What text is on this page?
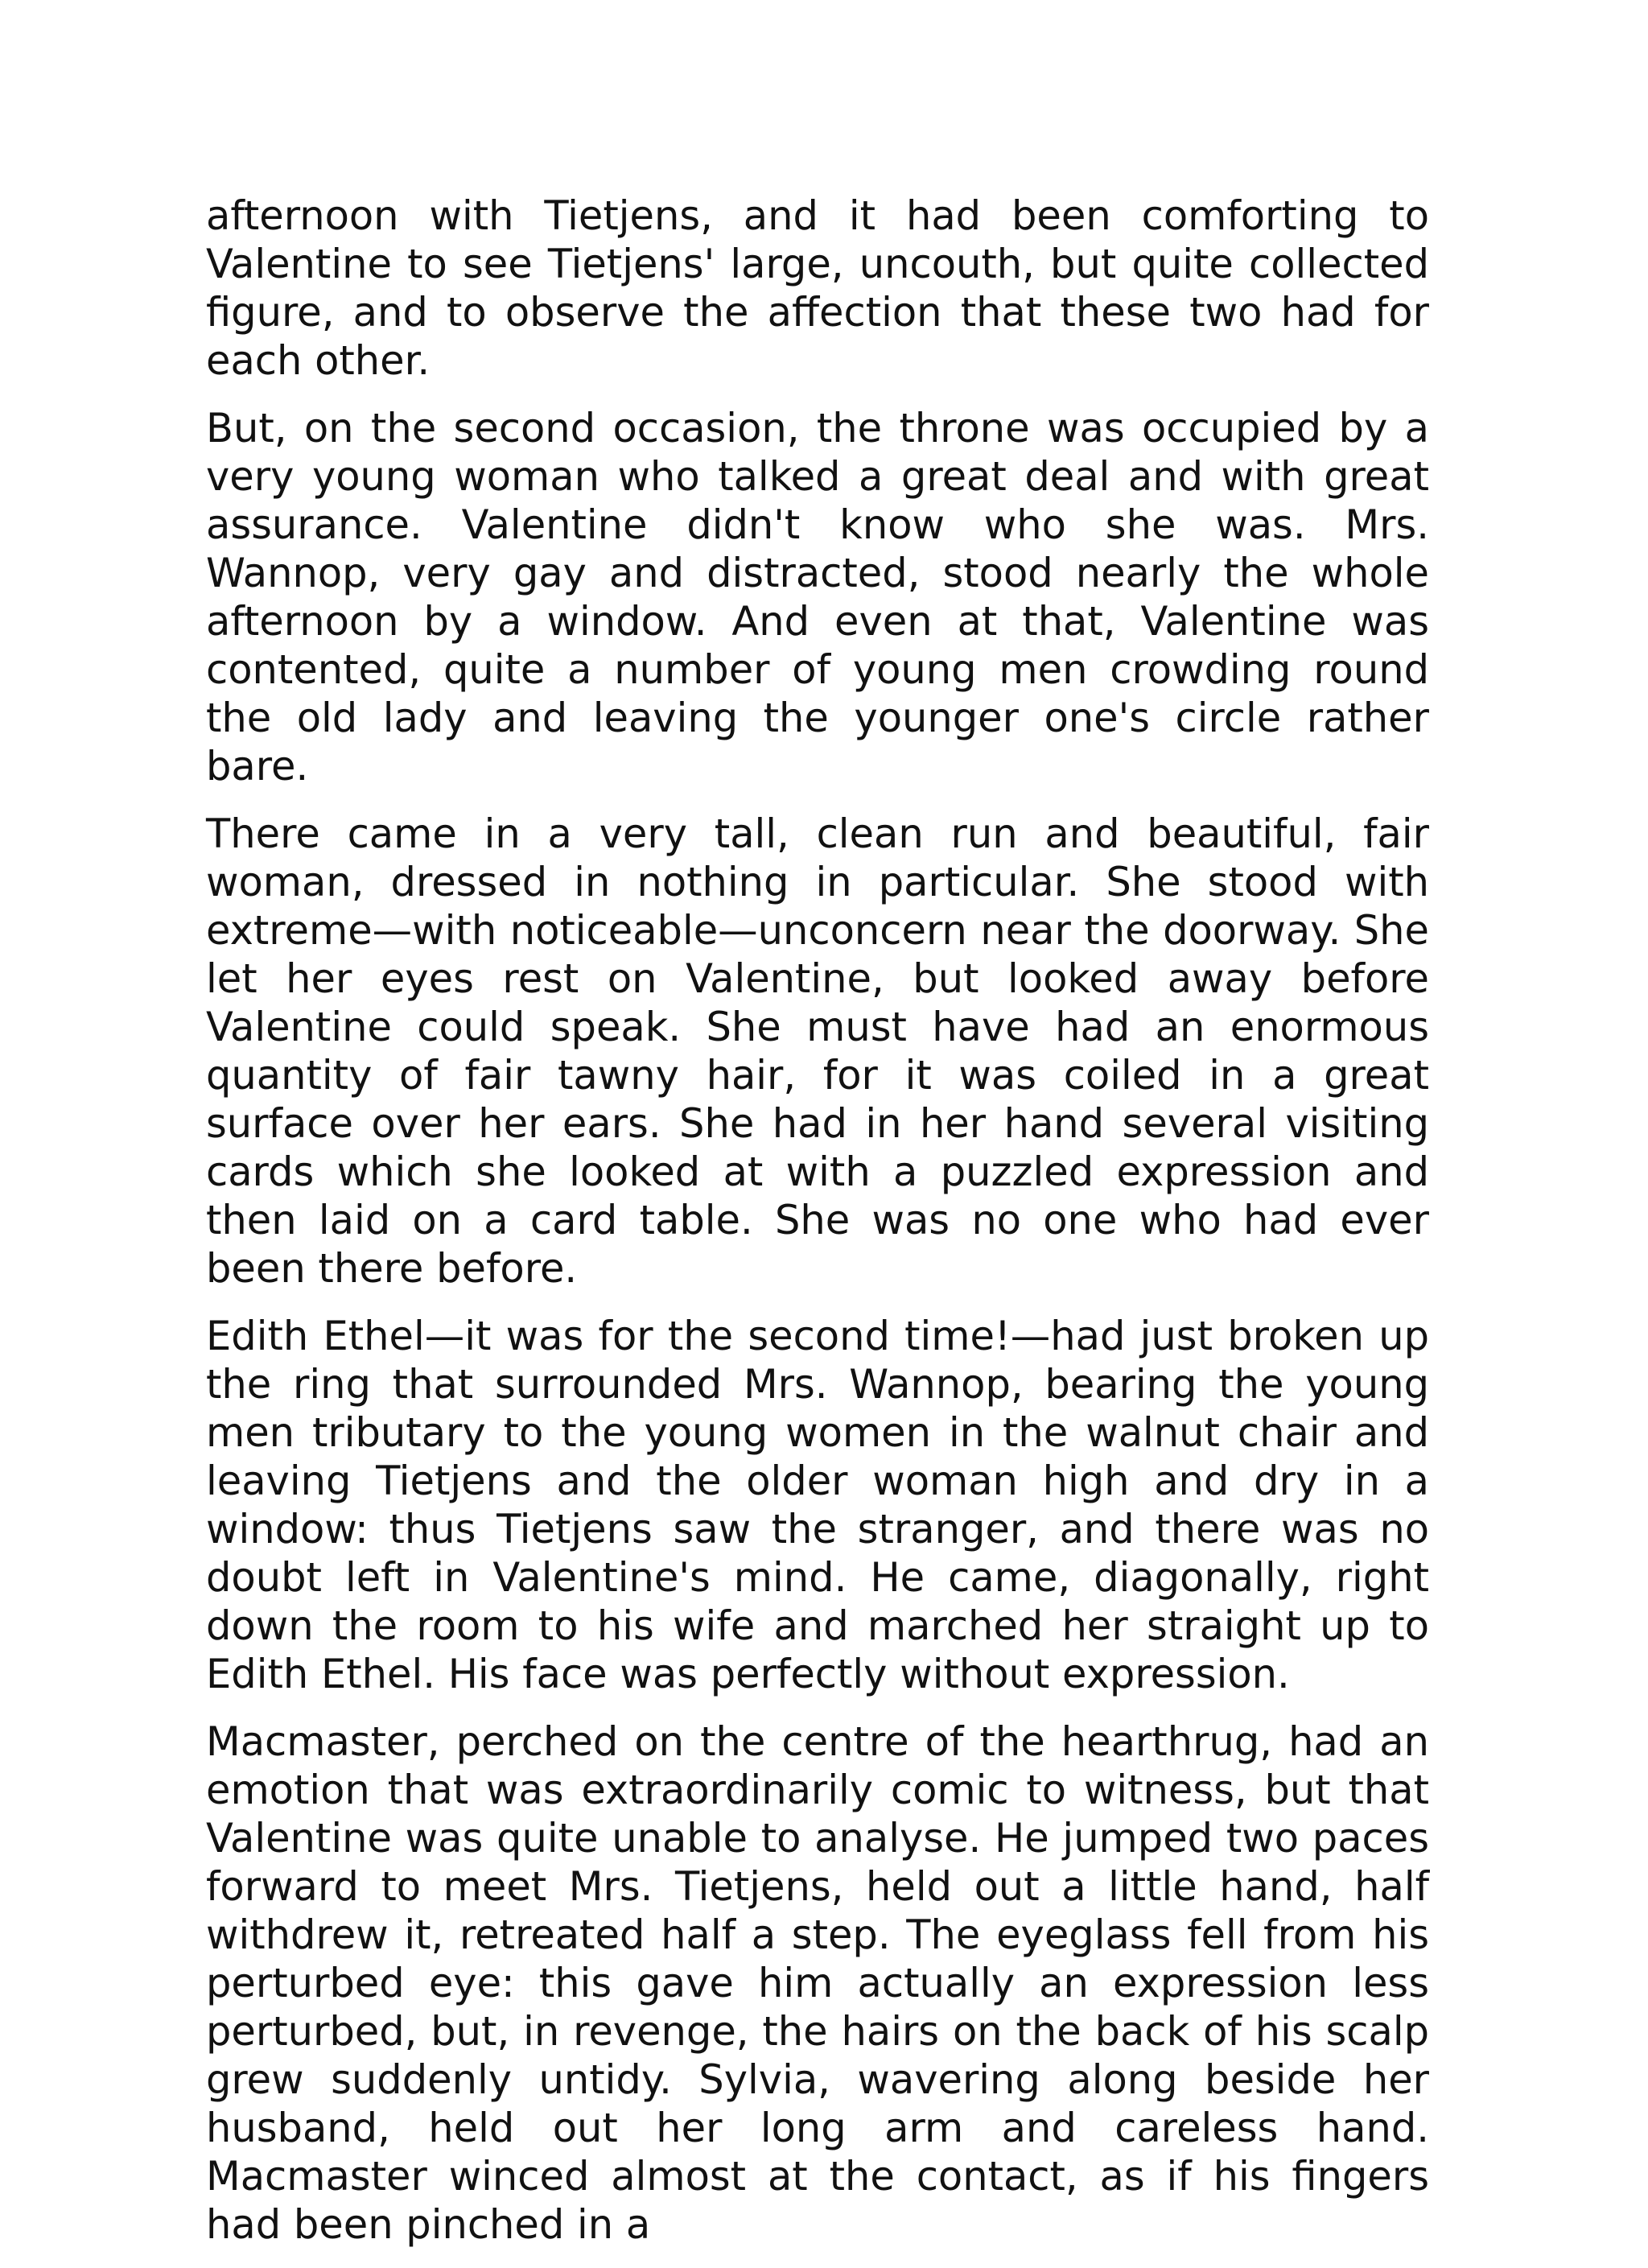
afternoon with Tietjens, and it had been comforting to Valentine to see Tietjens' large, uncouth, but quite collected figure, and to observe the affection that these two had for each other.

But, on the second occasion, the throne was occupied by a very young woman who talked a great deal and with great assurance. Valentine didn't know who she was. Mrs. Wannop, very gay and distracted, stood nearly the whole afternoon by a window. And even at that, Valentine was contented, quite a number of young men crowding round the old lady and leaving the younger one's circle rather bare.

There came in a very tall, clean run and beautiful, fair woman, dressed in nothing in particular. She stood with extreme—with noticeable—unconcern near the doorway. She let her eyes rest on Valentine, but looked away before Valentine could speak. She must have had an enormous quantity of fair tawny hair, for it was coiled in a great surface over her ears. She had in her hand several visiting cards which she looked at with a puzzled expression and then laid on a card table. She was no one who had ever been there before.

Edith Ethel—it was for the second time!—had just broken up the ring that surrounded Mrs. Wannop, bearing the young men tributary to the young women in the walnut chair and leaving Tietjens and the older woman high and dry in a window: thus Tietjens saw the stranger, and there was no doubt left in Valentine's mind. He came, diagonally, right down the room to his wife and marched her straight up to Edith Ethel. His face was perfectly without expression.

Macmaster, perched on the centre of the hearthrug, had an emotion that was extraordinarily comic to witness, but that Valentine was quite unable to analyse. He jumped two paces forward to meet Mrs. Tietjens, held out a little hand, half withdrew it, retreated half a step. The eyeglass fell from his perturbed eye: this gave him actually an expression less perturbed, but, in revenge, the hairs on the back of his scalp grew suddenly untidy. Sylvia, wavering along beside her husband, held out her long arm and careless hand. Macmaster winced almost at the contact, as if his fingers had been pinched in a
